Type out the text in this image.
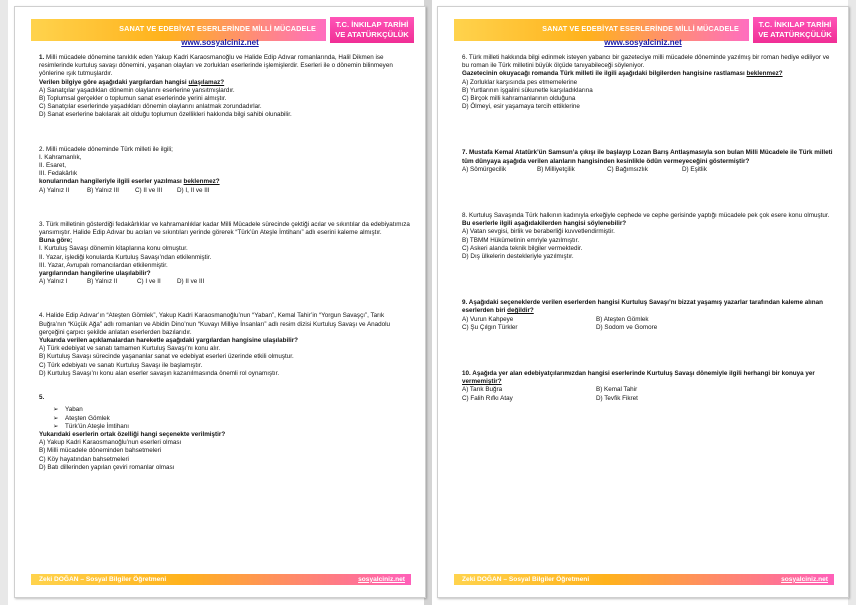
SANAT VE EDEBİYAT ESERLERİNDE MİLLİ MÜCADELE	T.C. İNKILAP TARİHİ
VE ATATÜRKÇÜLÜK
www.sosyalciniz.net

1. Milli mücadele dönemine tanıklık eden Yakup Kadri Karaosmanoğlu ve Halide Edip Adıvar romanlarında, Halil Dikmen ise resimlerinde kurtuluş savaşı dönemini, yaşanan olayları ve zorlukları eserlerinde işlemişlerdir. Eserleri ile o dönemin bilinmeyen yönlerine ışık tutmuşlardır.

Verilen bilgiye göre aşağıdaki yargılardan hangisi ulaşılamaz?

A) Sanatçılar yaşadıkları dönemin olaylarını eserlerine yansıtmışlardır.

B) Toplumsal gerçekler o toplumun sanat eserlerinde yerini almıştır.

C) Sanatçılar eserlerinde yaşadıkları dönemin olaylarını anlatmak zorundadırlar.

D) Sanat eserlerine bakılarak ait olduğu toplumun özellikleri hakkında bilgi sahibi olunabilir.

2. Milli mücadele döneminde Türk milleti ile ilgili;

I. Kahramanlık,

II. Esaret,

III. Fedakârlık

konularından hangileriyle ilgili eserler yazılması beklenmez?

A) Yalnız II	B) Yalnız III	C) II ve III	D) I, II ve III

3. Türk milletinin gösterdiği fedakârlıklar ve kahramanlıklar kadar Milli Mücadele sürecinde çektiği acılar ve sıkıntılar da edebiyatımıza yansımıştır. Halide Edip Adıvar bu acıları ve sıkıntıları yerinde görerek “Türk’ün Ateşle İmtihanı” adlı eserini kaleme almıştır.

Buna göre;

I. Kurtuluş Savaşı dönemin kitaplarına konu olmuştur.

II. Yazar, işlediği konularda Kurtuluş Savaşı’ndan etkilenmiştir.

III. Yazar, Avrupalı romancılardan etkilenmiştir.

yargılarından hangilerine ulaşılabilir?

A) Yalnız I	B) Yalnız II	C) I ve II	D) II ve III

4. Halide Edip Adıvar’ın “Ateşten Gömlek”, Yakup Kadri Karaosmanoğlu’nun “Yaban”, Kemal Tahir’in “Yorgun Savaşçı”, Tarık Buğra’nın “Küçük Ağa” adlı romanları ve Abidin Dino’nun “Kuvayı Milliye İnsanları” adlı resim dizisi Kurtuluş Savaşı ve Anadolu gerçeğini çarpıcı şekilde anlatan eserlerden bazılarıdır.

Yukarıda verilen açıklamalardan hareketle aşağıdaki yargılardan hangisine ulaşılabilir?

A) Türk edebiyat ve sanatı tamamen Kurtuluş Savaşı’nı konu alır.

B) Kurtuluş Savaşı sürecinde yaşananlar sanat ve edebiyat eserleri üzerinde etkili olmuştur.

C) Türk edebiyatı ve sanatı Kurtuluş Savaşı ile başlamıştır.

D) Kurtuluş Savaşı’nı konu alan eserler savaşın kazanılmasında önemli rol oynamıştır.

5.

➢ Yaban

➢ Ateşten Gömlek

➢ Türk’ün Ateşle İmtihanı

Yukarıdaki eserlerin ortak özelliği hangi seçenekte verilmiştir?

A) Yakup Kadri Karaosmanoğlu’nun eserleri olması

B) Milli mücadele döneminden bahsetmeleri

C) Köy hayatından bahsetmeleri

D) Batı dillerinden yapılan çeviri romanlar olması

Zeki DOĞAN – Sosyal Bilgiler Öğretmeni	sosyalciniz.net
SANAT VE EDEBİYAT ESERLERİNDE MİLLİ MÜCADELE	T.C. İNKILAP TARİHİ
VE ATATÜRKÇÜLÜK
www.sosyalciniz.net

6. Türk milleti hakkında bilgi edinmek isteyen yabancı bir gazeteciye milli mücadele döneminde yazılmış bir roman hediye ediliyor ve bu roman ile Türk milletini büyük ölçüde tanıyabileceği söyleniyor.

Gazetecinin okuyacağı romanda Türk milleti ile ilgili aşağıdaki bilgilerden hangisine rastlaması beklenmez?

A) Zorluklar karşısında pes etmemelerine

B) Yurtlarının işgalini sükunetle karşıladıklarına

C) Birçok milli kahramanlarının olduğuna

D) Ölmeyi, esir yaşamaya tercih ettiklerine

7. Mustafa Kemal Atatürk’ün Samsun’a çıkışı ile başlayıp Lozan Barış Antlaşmasıyla son bulan Milli Mücadele ile Türk milleti tüm dünyaya aşağıda verilen alanların hangisinden kesinlikle ödün vermeyeceğini göstermiştir?

A) Sömürgecilik	B) Milliyetçilik	C) Bağımsızlık	D) Eşitlik

8. Kurtuluş Savaşında Türk halkının kadınıyla erkeğiyle cephede ve cephe gerisinde yaptığı mücadele pek çok esere konu olmuştur.

Bu eserlerle ilgili aşağıdakilerden hangisi söylenebilir?

A) Vatan sevgisi, birlik ve beraberliği kuvvetlendirmiştir.

B) TBMM Hükümetinin emriyle yazılmıştır.

C) Askeri alanda teknik bilgiler vermektedir.

D) Dış ülkelerin destekleriyle yazılmıştır.

9. Aşağıdaki seçeneklerde verilen eserlerden hangisi Kurtuluş Savaşı’nı bizzat yaşamış yazarlar tarafından kaleme alınan eserlerden biri değildir?

A) Vurun Kahpeye	B) Ateşten Gömlek
C) Şu Çılgın Türkler	D) Sodom ve Gomore

10. Aşağıda yer alan edebiyatçılarımızdan hangisi eserlerinde Kurtuluş Savaşı dönemiyle ilgili herhangi bir konuya yer vermemiştir?

A) Tarık Buğra	B) Kemal Tahir
C) Falih Rıfkı Atay	D) Tevfik Fikret
Zeki DOĞAN – Sosyal Bilgiler Öğretmeni	sosyalciniz.net
